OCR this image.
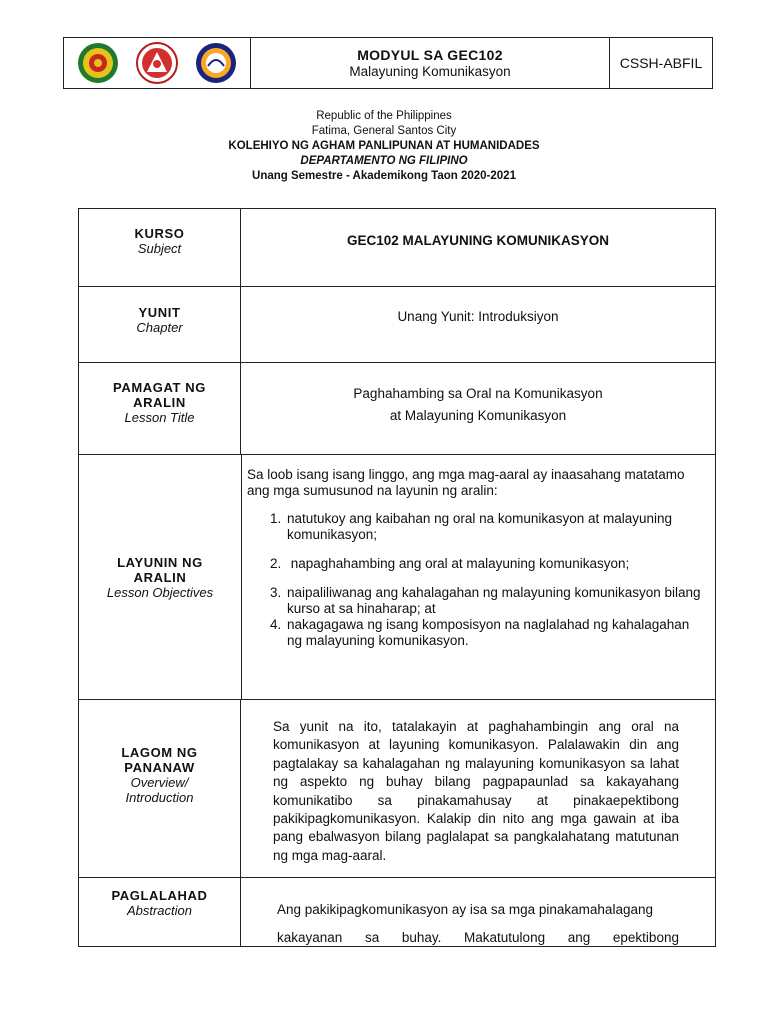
MODYUL SA GEC102
Malayuning Komunikasyon
CSSH-ABFIL
Republic of the Philippines
Fatima, General Santos City
KOLEHIYO NG AGHAM PANLIPUNAN AT HUMANIDADES
DEPARTAMENTO NG FILIPINO
Unang Semestre - Akademikong Taon 2020-2021
KURSO
Subject	GEC102 MALAYUNING KOMUNIKASYON
YUNIT
Chapter
Unang Yunit: Introduksiyon
PAMAGAT NG
ARALIN
Lesson Title
Paghahambing sa Oral na Komunikasyon
at Malayuning Komunikasyon
LAYUNIN NG
ARALIN
Lesson Objectives

Sa loob isang isang linggo, ang mga mag-aaral ay inaasahang matatamo ang mga sumusunod na layunin ng aralin:

1. natutukoy ang kaibahan ng oral na komunikasyon at malayuning komunikasyon;
2. napaghahambing ang oral at malayuning komunikasyon;
3. naipaliliwanag ang kahalagahan ng malayuning komunikasyon bilang kurso at sa hinaharap; at
4. nakagagawa ng isang komposisyon na naglalahad ng kahalagahan ng malayuning komunikasyon.
LAGOM NG
PANANAW
Overview/
Introduction
Sa yunit na ito, tatalakayin at paghahambingin ang oral na komunikasyon at layuning komunikasyon. Palalawakin din ang pagtalakay sa kahalagahan ng malayuning komunikasyon sa lahat ng aspekto ng buhay bilang pagpapaunlad sa kakayahang komunikatibo sa pinakamahusay at pinakaepektibong pakikipagkomunikasyon. Kalakip din nito ang mga gawain at iba pang ebalwasyon bilang paglalapat sa pangkalahatang matutunan ng mga mag-aaral.
PAGLALAHAD
Abstraction	Ang pakikipagkomunikasyon ay isa sa mga pinakamahalagang
kakayanan sa buhay. Makatutulong ang epektibong
